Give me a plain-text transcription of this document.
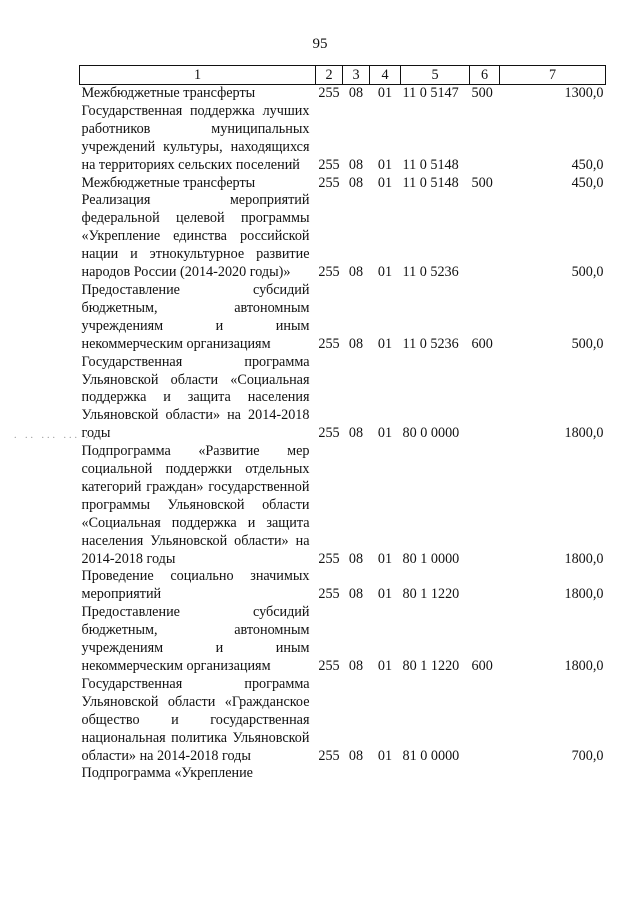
95
1	2	3	4	5	6	7
Межбюджетные трансферты	255	08	01	11 0 5147	500	1300,0
Государственная поддержка лучших работников муниципальных учреждений культуры, находящихся на территориях сельских поселений	255	08	01	11 0 5148		450,0
Межбюджетные трансферты	255	08	01	11 0 5148	500	450,0
Реализация мероприятий федеральной целевой программы «Укрепление единства российской нации и этнокультурное развитие народов России (2014-2020 годы)»	255	08	01	11 0 5236		500,0
Предоставление субсидий бюджетным, автономным учреждениям и иным некоммерческим организациям	255	08	01	11 0 5236	600	500,0
Государственная программа Ульяновской области «Социальная поддержка и защита населения Ульяновской области» на 2014-2018 годы	255	08	01	80 0 0000		1800,0
Подпрограмма «Развитие мер социальной поддержки отдельных категорий граждан» государственной программы Ульяновской области «Социальная поддержка и защита населения Ульяновской области» на 2014-2018 годы	255	08	01	80 1 0000		1800,0
Проведение социально значимых мероприятий	255	08	01	80 1 1220		1800,0
Предоставление субсидий бюджетным, автономным учреждениям и иным некоммерческим организациям	255	08	01	80 1 1220	600	1800,0
Государственная программа Ульяновской области «Гражданское общество и государственная национальная политика Ульяновской области» на 2014-2018 годы	255	08	01	81 0 0000		700,0
Подпрограмма «Укрепление						
. .. ... ... .
